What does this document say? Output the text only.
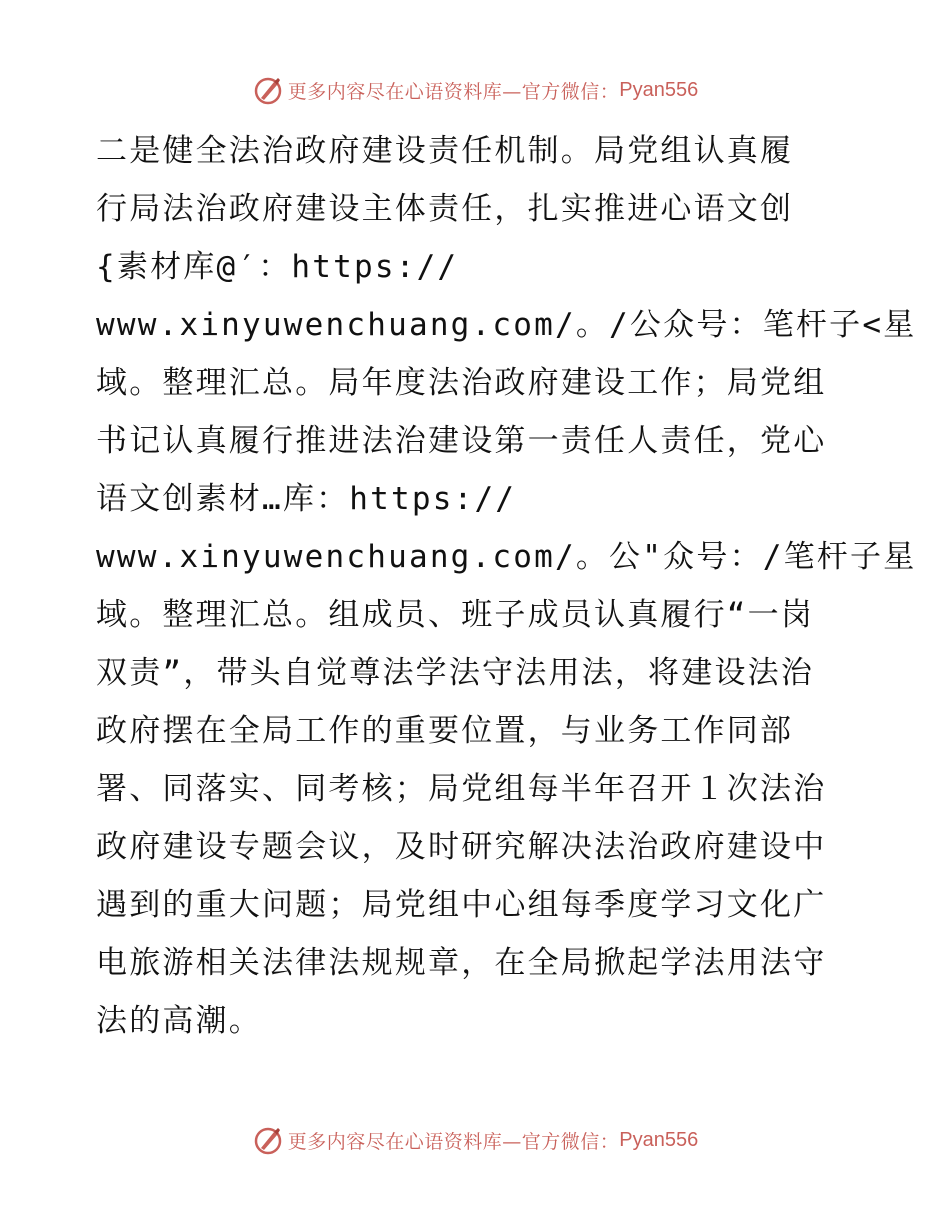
更多内容尽在心语资料库—官方微信： Pyan556
二是健全法治政府建设责任机制。局党组认真履
行局法治政府建设主体责任，扎实推进心语文创
{素材库@′：https://
www.xinyuwenchuang.com/。/公众号：笔杆子<星
域。整理汇总。局年度法治政府建设工作；局党组
书记认真履行推进法治建设第一责任人责任，党心
语文创素材…库：https://
www.xinyuwenchuang.com/。公"众号：/笔杆子星
域。整理汇总。组成员、班子成员认真履行“一岗
双责”，带头自觉尊法学法守法用法，将建设法治
政府摆在全局工作的重要位置，与业务工作同部
署、同落实、同考核；局党组每半年召开１次法治
政府建设专题会议，及时研究解决法治政府建设中
遇到的重大问题；局党组中心组每季度学习文化广
电旅游相关法律法规规章，在全局掀起学法用法守
法的高潮。
更多内容尽在心语资料库—官方微信： Pyan556
